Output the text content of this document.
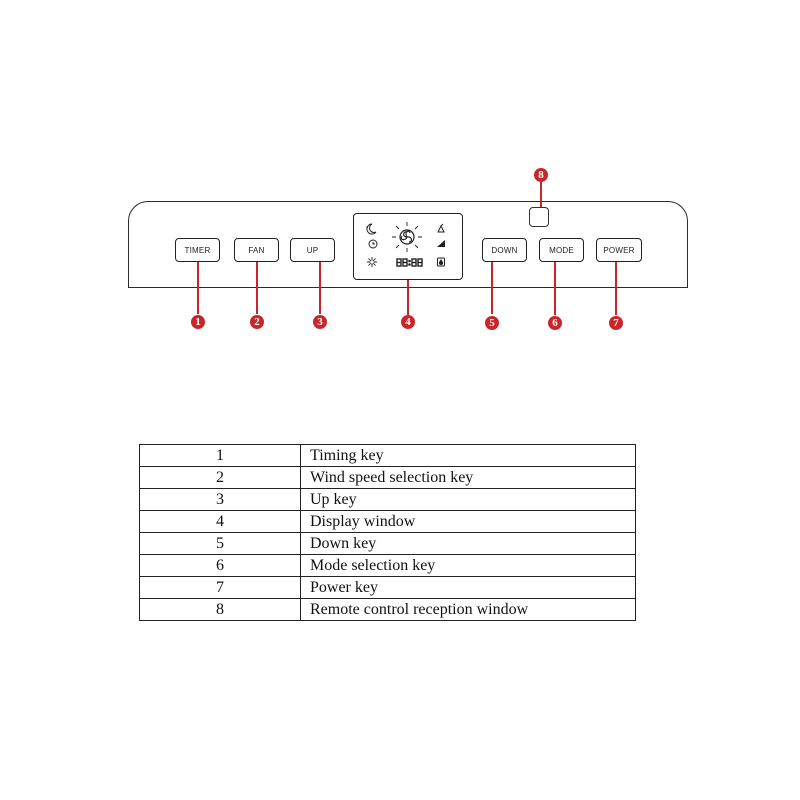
TIMER	FAN	UP	DOWN	MODE	POWER
z
1	2	3	4	5	6	7
8
1	Timing key
2	Wind speed selection key
3	Up key
4	Display window
5	Down key
6	Mode selection key
7	Power key
8	Remote control reception window
